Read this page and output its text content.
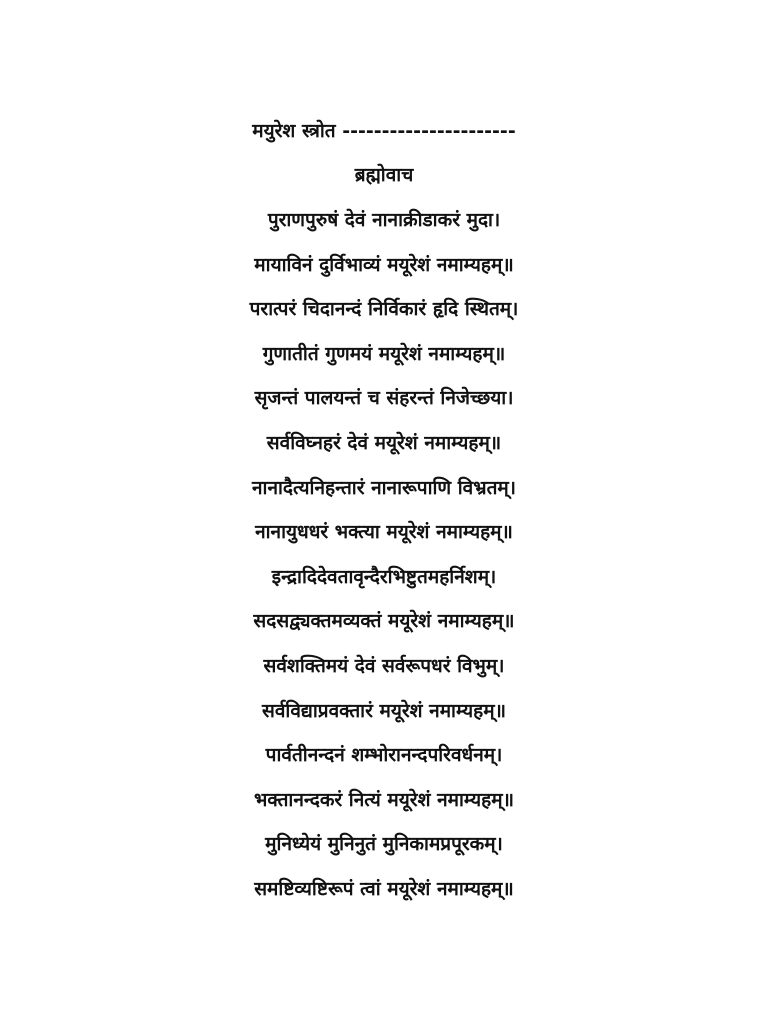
मयुरेश स्त्रोत ----------------------
ब्रह्मोवाच
पुराणपुरुषं देवं नानाक्रीडाकरं मुदा।
मायाविनं दुर्विभाव्यं मयूरेशं नमाम्यहम्॥
परात्परं चिदानन्दं निर्विकारं हृदि स्थितम्।
गुणातीतं गुणमयं मयूरेशं नमाम्यहम्॥
सृजन्तं पालयन्तं च संहरन्तं निजेच्छया।
सर्वविघ्नहरं देवं मयूरेशं नमाम्यहम्॥
नानादैत्यनिहन्तारं नानारूपाणि विभ्रतम्।
नानायुधधरं भक्त्या मयूरेशं नमाम्यहम्॥
इन्द्रादिदेवतावृन्दैरभिष्टुतमहर्निशम्।
सदसद्व्यक्तमव्यक्तं मयूरेशं नमाम्यहम्॥
सर्वशक्तिमयं देवं सर्वरूपधरं विभुम्।
सर्वविद्याप्रवक्तारं मयूरेशं नमाम्यहम्॥
पार्वतीनन्दनं शम्भोरानन्दपरिवर्धनम्।
भक्तानन्दकरं नित्यं मयूरेशं नमाम्यहम्॥
मुनिध्येयं मुनिनुतं मुनिकामप्रपूरकम्।
समष्टिव्यष्टिरूपं त्वां मयूरेशं नमाम्यहम्॥
